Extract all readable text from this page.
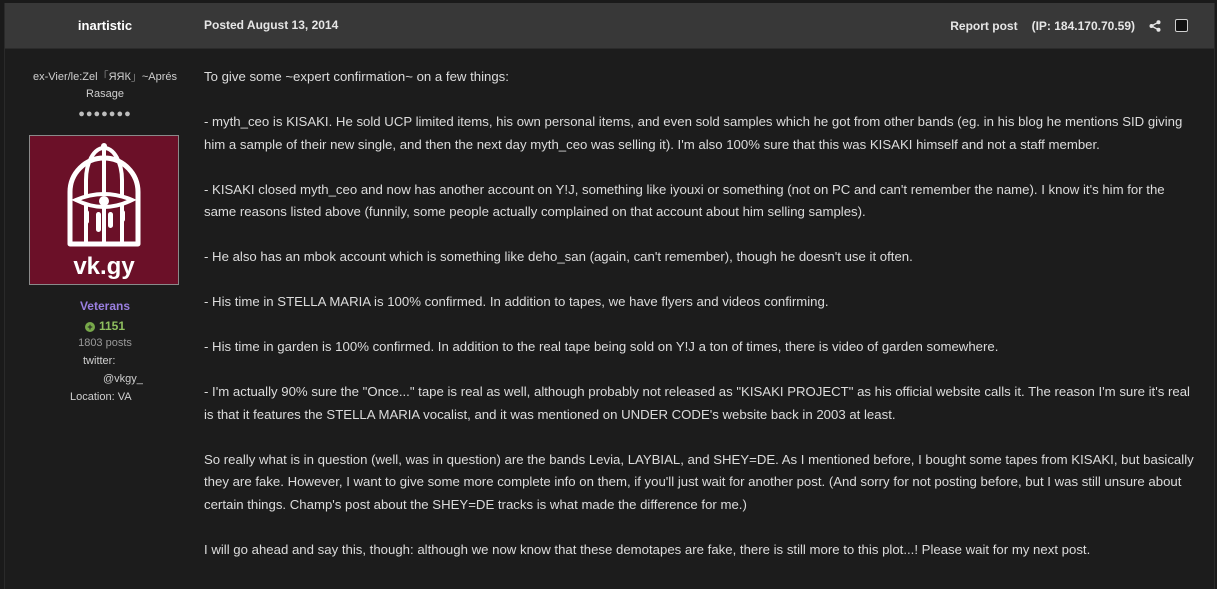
inartistic	Posted August 13, 2014	Report post (IP: 184.170.70.59)
ex-Vier/le:Zel「ЯЯК」~Aprés Rasage
●●●●●●●
vk.gy
Veterans
+ 1151
1803 posts
twitter:
@vkgy_
Location: VA

To give some ~expert confirmation~ on a few things:

- myth_ceo is KISAKI. He sold UCP limited items, his own personal items, and even sold samples which he got from other bands (eg. in his blog he mentions SID giving him a sample of their new single, and then the next day myth_ceo was selling it). I'm also 100% sure that this was KISAKI himself and not a staff member.

- KISAKI closed myth_ceo and now has another account on Y!J, something like iyouxi or something (not on PC and can't remember the name). I know it's him for the same reasons listed above (funnily, some people actually complained on that account about him selling samples).

- He also has an mbok account which is something like deho_san (again, can't remember), though he doesn't use it often.

- His time in STELLA MARIA is 100% confirmed. In addition to tapes, we have flyers and videos confirming.

- His time in garden is 100% confirmed. In addition to the real tape being sold on Y!J a ton of times, there is video of garden somewhere.

- I'm actually 90% sure the "Once..." tape is real as well, although probably not released as "KISAKI PROJECT" as his official website calls it. The reason I'm sure it's real is that it features the STELLA MARIA vocalist, and it was mentioned on UNDER CODE's website back in 2003 at least.

So really what is in question (well, was in question) are the bands Levia, LAYBIAL, and SHEY=DE. As I mentioned before, I bought some tapes from KISAKI, but basically they are fake. However, I want to give some more complete info on them, if you'll just wait for another post. (And sorry for not posting before, but I was still unsure about certain things. Champ's post about the SHEY=DE tracks is what made the difference for me.)

I will go ahead and say this, though: although we now know that these demotapes are fake, there is still more to this plot...! Please wait for my next post.
